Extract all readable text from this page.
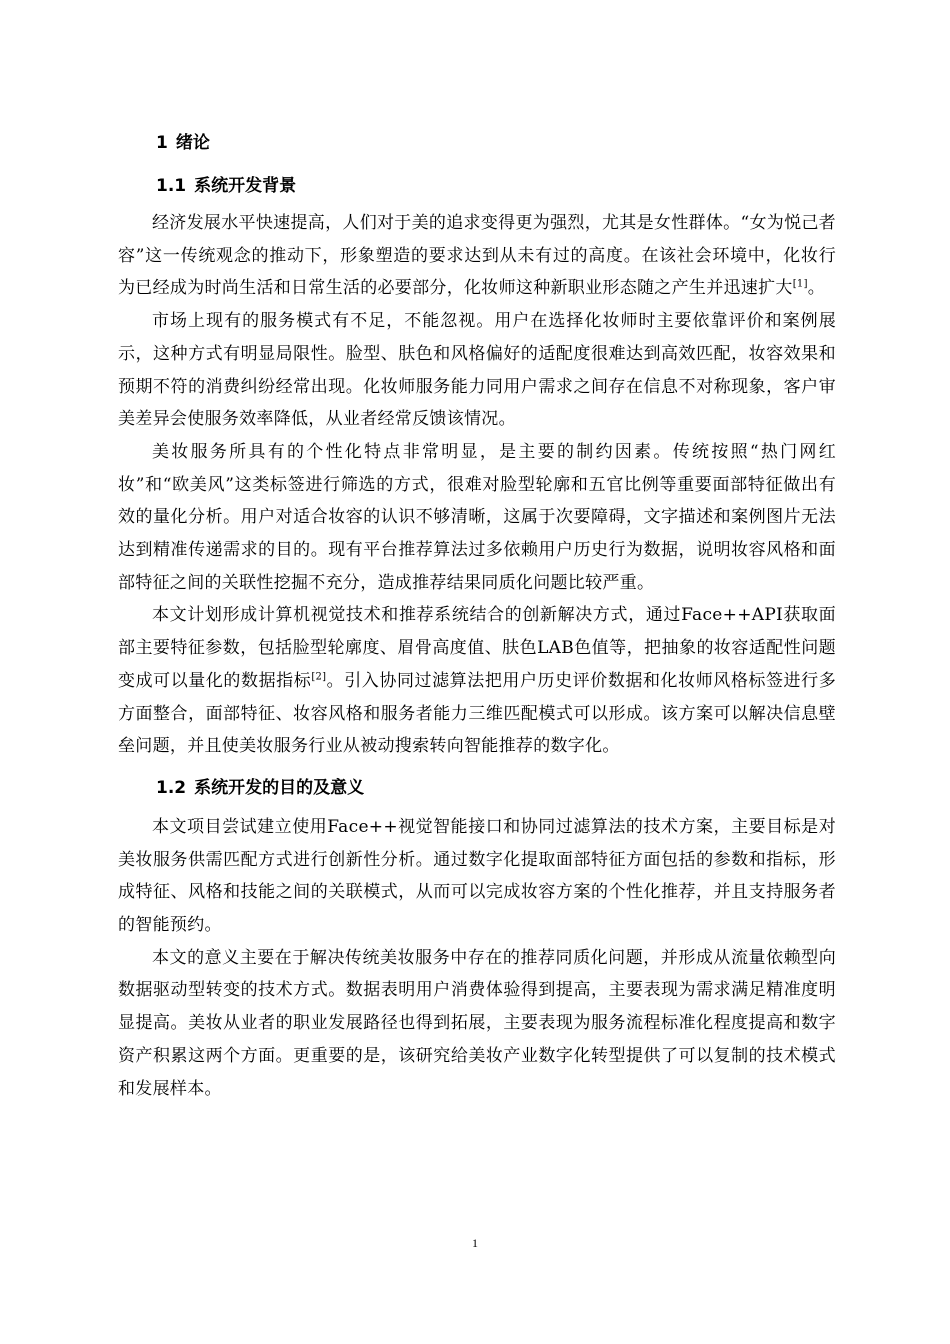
1 绪论
1.1 系统开发背景

经济发展水平快速提高，人们对于美的追求变得更为强烈，尤其是女性群体。“女为悦己者容”这一传统观念的推动下，形象塑造的要求达到从未有过的高度。在该社会环境中，化妆行为已经成为时尚生活和日常生活的必要部分，化妆师这种新职业形态随之产生并迅速扩大[1]。

市场上现有的服务模式有不足，不能忽视。用户在选择化妆师时主要依靠评价和案例展示，这种方式有明显局限性。脸型、肤色和风格偏好的适配度很难达到高效匹配，妆容效果和预期不符的消费纠纷经常出现。化妆师服务能力同用户需求之间存在信息不对称现象，客户审美差异会使服务效率降低，从业者经常反馈该情况。

美妆服务所具有的个性化特点非常明显，是主要的制约因素。传统按照“热门网红妆”和“欧美风”这类标签进行筛选的方式，很难对脸型轮廓和五官比例等重要面部特征做出有效的量化分析。用户对适合妆容的认识不够清晰，这属于次要障碍，文字描述和案例图片无法达到精准传递需求的目的。现有平台推荐算法过多依赖用户历史行为数据，说明妆容风格和面部特征之间的关联性挖掘不充分，造成推荐结果同质化问题比较严重。

本文计划形成计算机视觉技术和推荐系统结合的创新解决方式，通过Face++API获取面部主要特征参数，包括脸型轮廓度、眉骨高度值、肤色LAB色值等，把抽象的妆容适配性问题变成可以量化的数据指标[2]。引入协同过滤算法把用户历史评价数据和化妆师风格标签进行多方面整合，面部特征、妆容风格和服务者能力三维匹配模式可以形成。该方案可以解决信息壁垒问题，并且使美妆服务行业从被动搜索转向智能推荐的数字化。

1.2 系统开发的目的及意义

本文项目尝试建立使用Face++视觉智能接口和协同过滤算法的技术方案，主要目标是对美妆服务供需匹配方式进行创新性分析。通过数字化提取面部特征方面包括的参数和指标，形成特征、风格和技能之间的关联模式，从而可以完成妆容方案的个性化推荐，并且支持服务者的智能预约。

本文的意义主要在于解决传统美妆服务中存在的推荐同质化问题，并形成从流量依赖型向数据驱动型转变的技术方式。数据表明用户消费体验得到提高，主要表现为需求满足精准度明显提高。美妆从业者的职业发展路径也得到拓展，主要表现为服务流程标准化程度提高和数字资产积累这两个方面。更重要的是，该研究给美妆产业数字化转型提供了可以复制的技术模式和发展样本。

1
